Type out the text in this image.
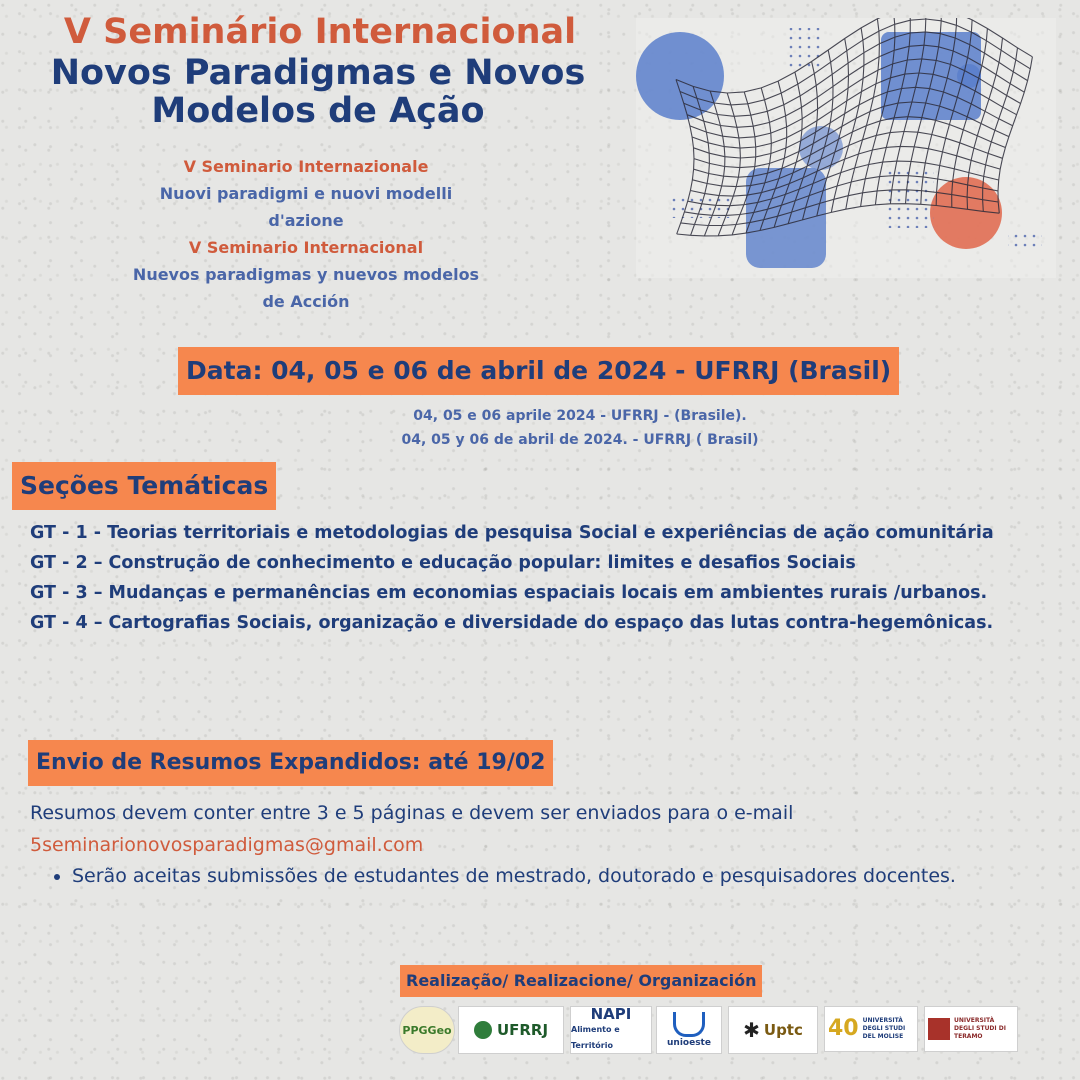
V Seminário Internacional
Novos Paradigmas e Novos
Modelos de Ação
V Seminario Internazionale
Nuovi paradigmi e nuovi modelli
d'azione
V Seminario Internacional
Nuevos paradigmas y nuevos modelos
de Acción
Data: 04, 05 e 06 de abril de 2024 - UFRRJ (Brasil)
04, 05 e 06 aprile 2024 - UFRRJ - (Brasile).
04, 05 y 06 de abril de 2024. - UFRRJ ( Brasil)
Seções Temáticas

GT - 1 - Teorias territoriais e metodologias de pesquisa Social e experiências de ação comunitária

GT - 2 – Construção de conhecimento e educação popular: limites e desafios Sociais

GT - 3 – Mudanças e permanências em economias espaciais locais em ambientes rurais /urbanos.

GT - 4 – Cartografias Sociais, organização e diversidade do espaço das lutas contra-hegemônicas.

Envio de Resumos Expandidos: até 19/02
Resumos devem conter entre 3 e 5 páginas e devem ser enviados para o e-mail
5seminarionovosparadigmas@gmail.com
• Serão aceitas submissões de estudantes de mestrado, doutorado e pesquisadores docentes.
Realização/ Realizacione/ Organización
PPGGeo	UFRRJ
NAPI
Alimento e Território	unioeste
✱ Uptc 40 UNIVERSITÀ DEGLI STUDI DEL MOLISE
UNIVERSITÀ DEGLI STUDI DI TERAMO
